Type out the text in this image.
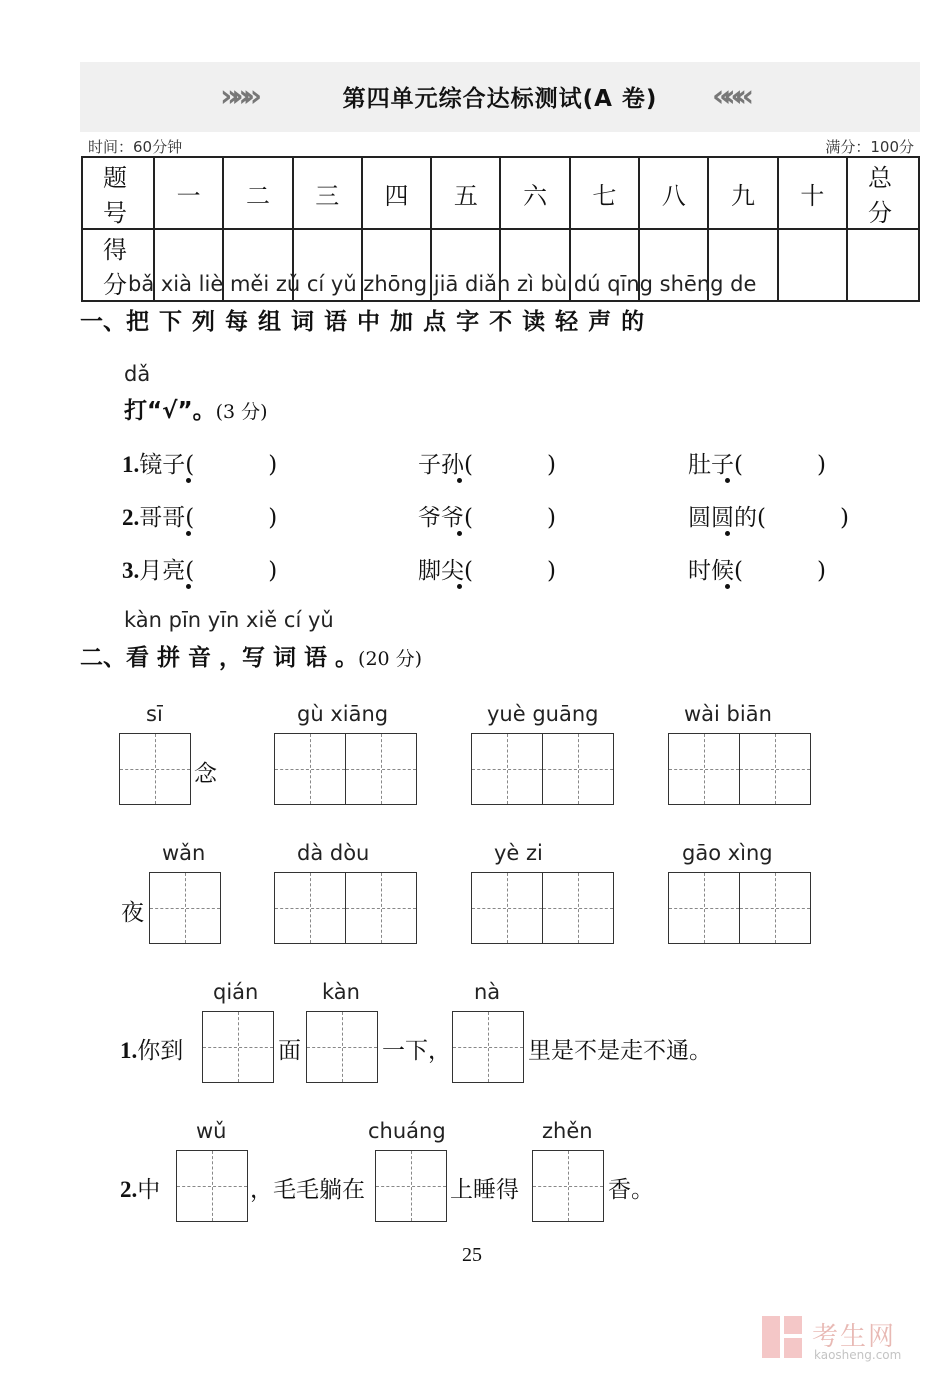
»»»	第四单元综合达标测试(A 卷)	«««
时间：60分钟	满分：100分
题 号	一	二	三	四	五	六	七	八	九	十	总 分
得 分											
bǎ xià liè měi zǔ cí yǔ zhōng jiā diǎn zì bù dú qīng shēng de
一、把 下 列 每 组 词 语 中 加 点 字 不 读 轻 声 的
dǎ
打“√”。(3 分)
1.镜子(	)	子孙(	)	肚子(	)
2.哥哥(	)	爷爷(	)	圆圆的(	)
3.月亮(	)	脚尖(	)	时候(	)
kàn pīn yīn xiě cí yǔ
二、看 拼 音 ，写 词 语 。(20 分)
sī
念
gù xiāng	yuè guāng	wài biān
wǎn
夜
dà dòu	yè zi	gāo xìng
qián	kàn	nà
1.你到	面	一下，	里是不是走不通。
wǔ	chuáng	zhěn
2.中	，毛毛躺在	上睡得	香。
25
考生网
kaosheng.com
